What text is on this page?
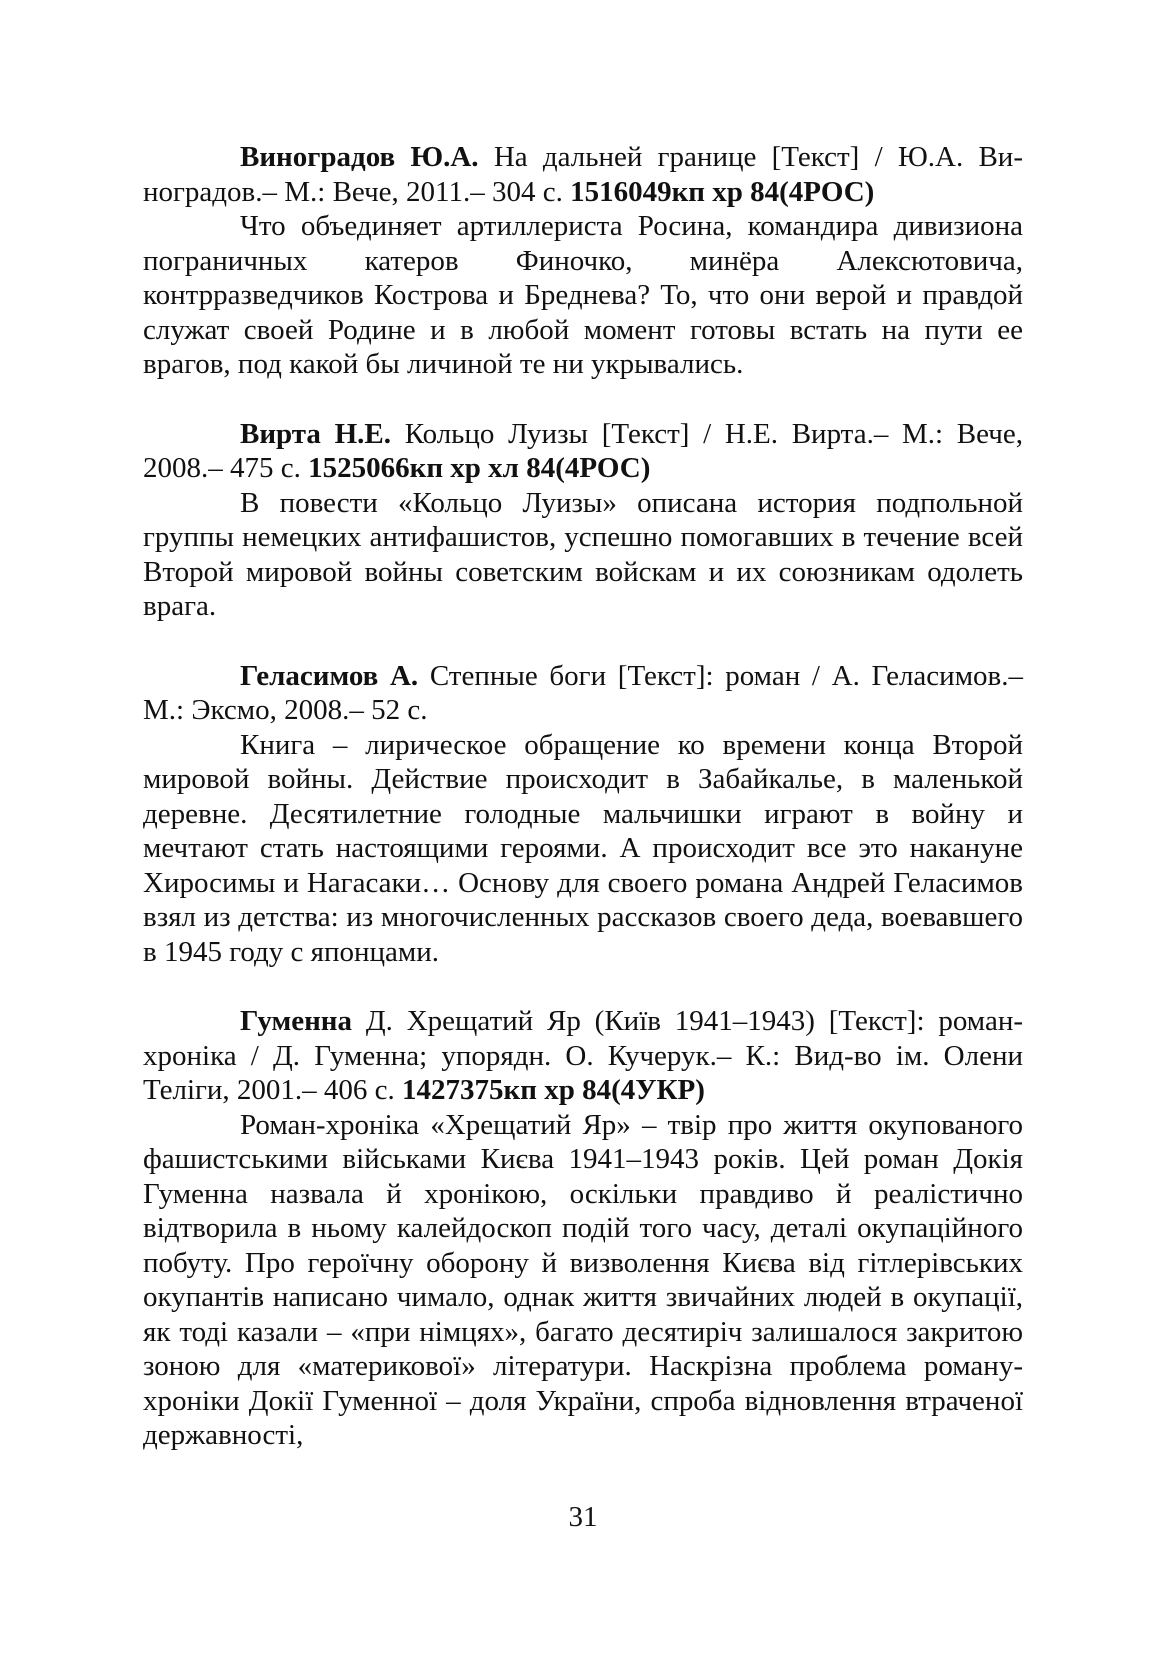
Виноградов Ю.А. На дальней границе [Текст] / Ю.А. Виноградов.– М.: Вече, 2011.– 304 с. 1516049кп хр 84(4РОС)

Что объединяет артиллериста Росина, командира дивизиона пограничных катеров Финочко, минёра Алексютовича, контрразведчиков Кострова и Бреднева? То, что они верой и правдой служат своей Родине и в любой момент готовы встать на пути ее врагов, под какой бы личиной те ни укрывались.

Вирта Н.Е. Кольцо Луизы [Текст] / Н.Е. Вирта.– М.: Вече, 2008.– 475 с. 1525066кп хр хл 84(4РОС)

В повести «Кольцо Луизы» описана история подпольной группы немецких антифашистов, успешно помогавших в течение всей Второй мировой войны советским войскам и их союзникам одолеть врага.

Геласимов А. Степные боги [Текст]: роман / А. Геласимов.– М.: Эксмо, 2008.– 52 с.

Книга – лирическое обращение ко времени конца Второй мировой войны. Действие происходит в Забайкалье, в маленькой деревне. Десятилетние голодные мальчишки играют в войну и мечтают стать настоящими героями. А происходит все это накануне Хиросимы и Нагасаки… Основу для своего романа Андрей Геласимов взял из детства: из многочисленных рассказов своего деда, воевавшего в 1945 году с японцами.

Гуменна Д. Хрещатий Яр (Київ 1941–1943) [Текст]: роман-хроніка / Д. Гуменна; упорядн. О. Кучерук.– К.: Вид-во ім. Олени Теліги, 2001.– 406 с. 1427375кп хр 84(4УКР)

Роман-хроніка «Хрещатий Яр» – твір про життя окупованого фашистськими військами Києва 1941–1943 років. Цей роман Докія Гуменна назвала й хронікою, оскільки правдиво й реалістично відтворила в ньому калейдоскоп подій того часу, деталі окупаційного побуту. Про героїчну оборону й визволення Києва від гітлерівських окупантів написано чимало, однак життя звичайних людей в окупації, як тоді казали – «при німцях», багато десятиріч залишалося закритою зоною для «материкової» літератури. Наскрізна проблема роману-хроніки Докії Гуменної – доля України, спроба відновлення втраченої державності,

31
